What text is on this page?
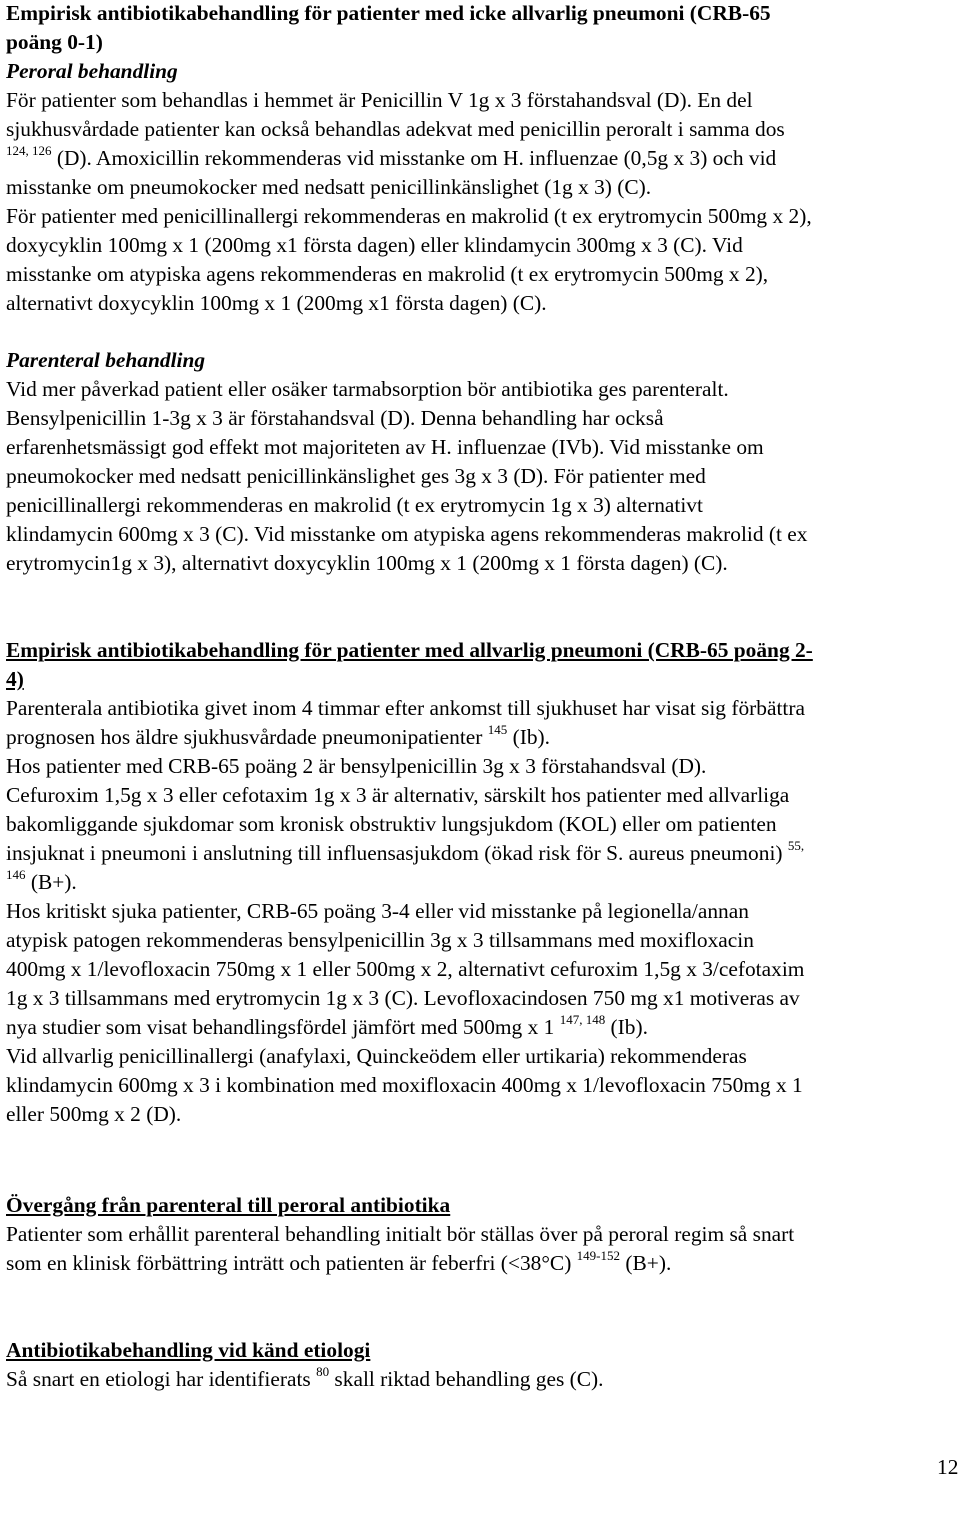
Empirisk antibiotikabehandling för patienter med icke allvarlig pneumoni (CRB-65
poäng 0-1)
Peroral behandling
För patienter som behandlas i hemmet är Penicillin V 1g x 3 förstahandsval (D). En del
sjukhusvårdade patienter kan också behandlas adekvat med penicillin peroralt i samma dos
$^{124, 126}$ (D). Amoxicillin rekommenderas vid misstanke om H. influenzae (0,5g x 3) och vid
misstanke om pneumokocker med nedsatt penicillinkänslighet (1g x 3) (C).
För patienter med penicillinallergi rekommenderas en makrolid (t ex erytromycin 500mg x 2),
doxycyklin 100mg x 1 (200mg x1 första dagen) eller klindamycin 300mg x 3 (C). Vid
misstanke om atypiska agens rekommenderas en makrolid (t ex erytromycin 500mg x 2),
alternativt doxycyklin 100mg x 1 (200mg x1 första dagen) (C).
Parenteral behandling
Vid mer påverkad patient eller osäker tarmabsorption bör antibiotika ges parenteralt.
Bensylpenicillin 1-3g x 3 är förstahandsval (D). Denna behandling har också
erfarenhetsmässigt god effekt mot majoriteten av H. influenzae (IVb). Vid misstanke om
pneumokocker med nedsatt penicillinkänslighet ges 3g x 3 (D). För patienter med
penicillinallergi rekommenderas en makrolid (t ex erytromycin 1g x 3) alternativt
klindamycin 600mg x 3 (C). Vid misstanke om atypiska agens rekommenderas makrolid (t ex
erytromycin1g x 3), alternativt doxycyklin 100mg x 1 (200mg x 1 första dagen) (C).
Empirisk antibiotikabehandling för patienter med allvarlig pneumoni (CRB-65 poäng 2-
4)
Parenterala antibiotika givet inom 4 timmar efter ankomst till sjukhuset har visat sig förbättra
prognosen hos äldre sjukhusvårdade pneumonipatienter $^{145}$ (Ib).
Hos patienter med CRB-65 poäng 2 är bensylpenicillin 3g x 3 förstahandsval (D).
Cefuroxim 1,5g x 3 eller cefotaxim 1g x 3 är alternativ, särskilt hos patienter med allvarliga
bakomliggande sjukdomar som kronisk obstruktiv lungsjukdom (KOL) eller om patienten
insjuknat i pneumoni i anslutning till influensasjukdom (ökad risk för S. aureus pneumoni) $^{55,}$
$^{146}$ (B+).
Hos kritiskt sjuka patienter, CRB-65 poäng 3-4 eller vid misstanke på legionella/annan
atypisk patogen rekommenderas bensylpenicillin 3g x 3 tillsammans med moxifloxacin
400mg x 1/levofloxacin 750mg x 1 eller 500mg x 2, alternativt cefuroxim 1,5g x 3/cefotaxim
1g x 3 tillsammans med erytromycin 1g x 3 (C). Levofloxacindosen 750 mg x1 motiveras av
nya studier som visat behandlingsfördel jämfört med 500mg x 1 $^{147, 148}$ (Ib).
Vid allvarlig penicillinallergi (anafylaxi, Quinckeödem eller urtikaria) rekommenderas
klindamycin 600mg x 3 i kombination med moxifloxacin 400mg x 1/levofloxacin 750mg x 1
eller 500mg x 2 (D).
Övergång från parenteral till peroral antibiotika
Patienter som erhållit parenteral behandling initialt bör ställas över på peroral regim så snart
som en klinisk förbättring inträtt och patienten är feberfri (<38°C) $^{149-152}$ (B+).
Antibiotikabehandling vid känd etiologi
Så snart en etiologi har identifierats $^{80}$ skall riktad behandling ges (C).
12
